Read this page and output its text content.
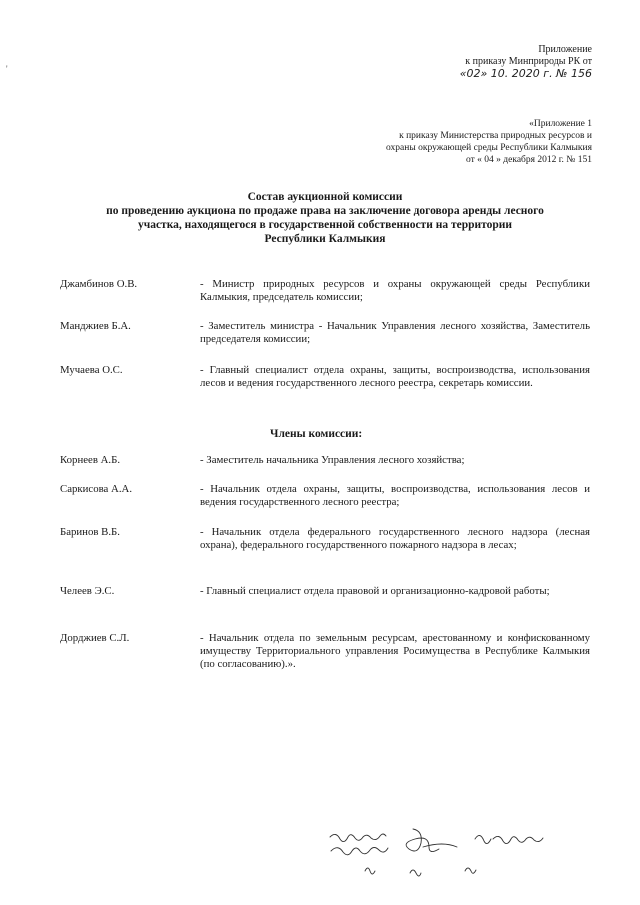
'
Приложение
к приказу Минприроды РК от
«02» 10. 2020 г. № 156
«Приложение 1
к приказу Министерства природных ресурсов и
охраны окружающей среды Республики Калмыкия
от « 04 » декабря 2012 г. № 151
Состав аукционной комиссии
по проведению аукциона по продаже права на заключение договора аренды лесного
участка, находящегося в государственной собственности на территории
Республики Калмыкия
Джамбинов О.В.	- Министр природных ресурсов и охраны окружающей среды Республики Калмыкия, председатель комиссии;
Манджиев Б.А.	- Заместитель министра - Начальник Управления лесного хозяйства, Заместитель председателя комиссии;
Мучаева О.С.	- Главный специалист отдела охраны, защиты, воспроизводства, использования лесов и ведения государственного лесного реестра, секретарь комиссии.
Члены комиссии:
Корнеев А.Б.	- Заместитель начальника Управления лесного хозяйства;
Саркисова А.А.	- Начальник отдела охраны, защиты, воспроизводства, использования лесов и ведения государственного лесного реестра;
Баринов В.Б.	- Начальник отдела федерального государственного лесного надзора (лесная охрана), федерального государственного пожарного надзора в лесах;
Челеев Э.С.	- Главный специалист отдела правовой и организационно-кадровой работы;
Дорджиев С.Л.	- Начальник отдела по земельным ресурсам, арестованному и конфискованному имуществу Территориального управления Росимущества в Республике Калмыкия (по согласованию).».
